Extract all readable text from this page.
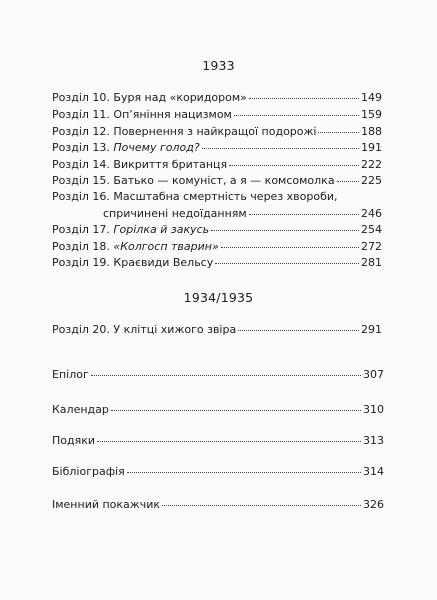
1933
Розділ 10. Буря над «коридором»	149
Розділ 11. Оп’яніння нацизмом	159
Розділ 12. Повернення з найкращої подорожі	188
Розділ 13. Почему голод?	191
Розділ 14. Викриття британця	222
Розділ 15. Батько — комуніст, а я — комсомолка 225
Розділ 16. Масштабна смертність через хвороби,
спричинені недоїданням	246
Розділ 17. Горілка й закусь	254
Розділ 18. «Колгосп тварин»	272
Розділ 19. Краєвиди Вельсу	281
1934/1935
Розділ 20. У клітці хижого звіра	291
Епілог	307
Календар	310
Подяки	313
Бібліографія	314
Іменний покажчик	326
